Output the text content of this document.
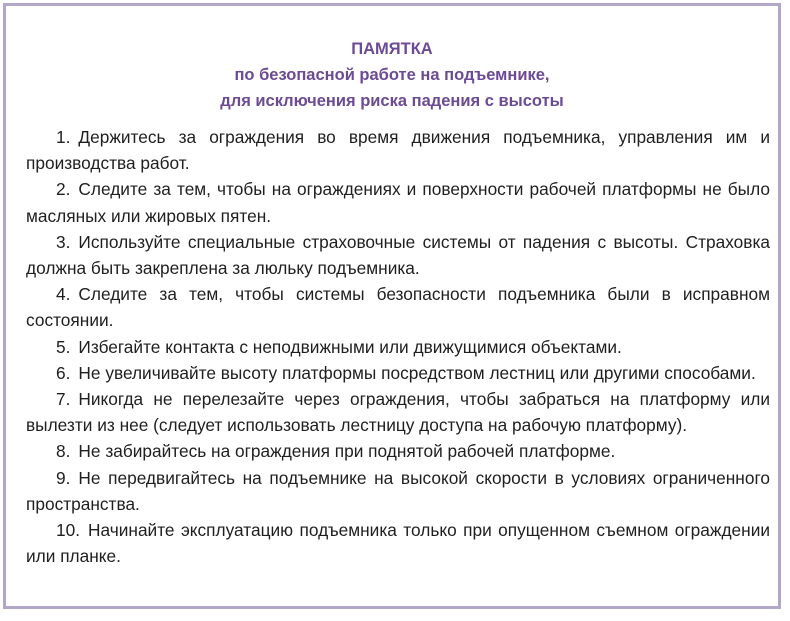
ПАМЯТКА
по безопасной работе на подъемнике,
для исключения риска падения с высоты
1. Держитесь за ограждения во время движения подъемника, управления им и производства работ.
2. Следите за тем, чтобы на ограждениях и поверхности рабочей платформы не было масляных или жировых пятен.
3. Используйте специальные страховочные системы от падения с высоты. Страховка должна быть закреплена за люльку подъемника.
4. Следите за тем, чтобы системы безопасности подъемника были в исправном состоянии.
5. Избегайте контакта с неподвижными или движущимися объектами.
6. Не увеличивайте высоту платформы посредством лестниц или другими способами.
7. Никогда не перелезайте через ограждения, чтобы забраться на платформу или вылезти из нее (следует использовать лестницу доступа на рабочую платформу).
8. Не забирайтесь на ограждения при поднятой рабочей платформе.
9. Не передвигайтесь на подъемнике на высокой скорости в условиях ограниченного пространства.
10. Начинайте эксплуатацию подъемника только при опущенном съемном ограждении или планке.
